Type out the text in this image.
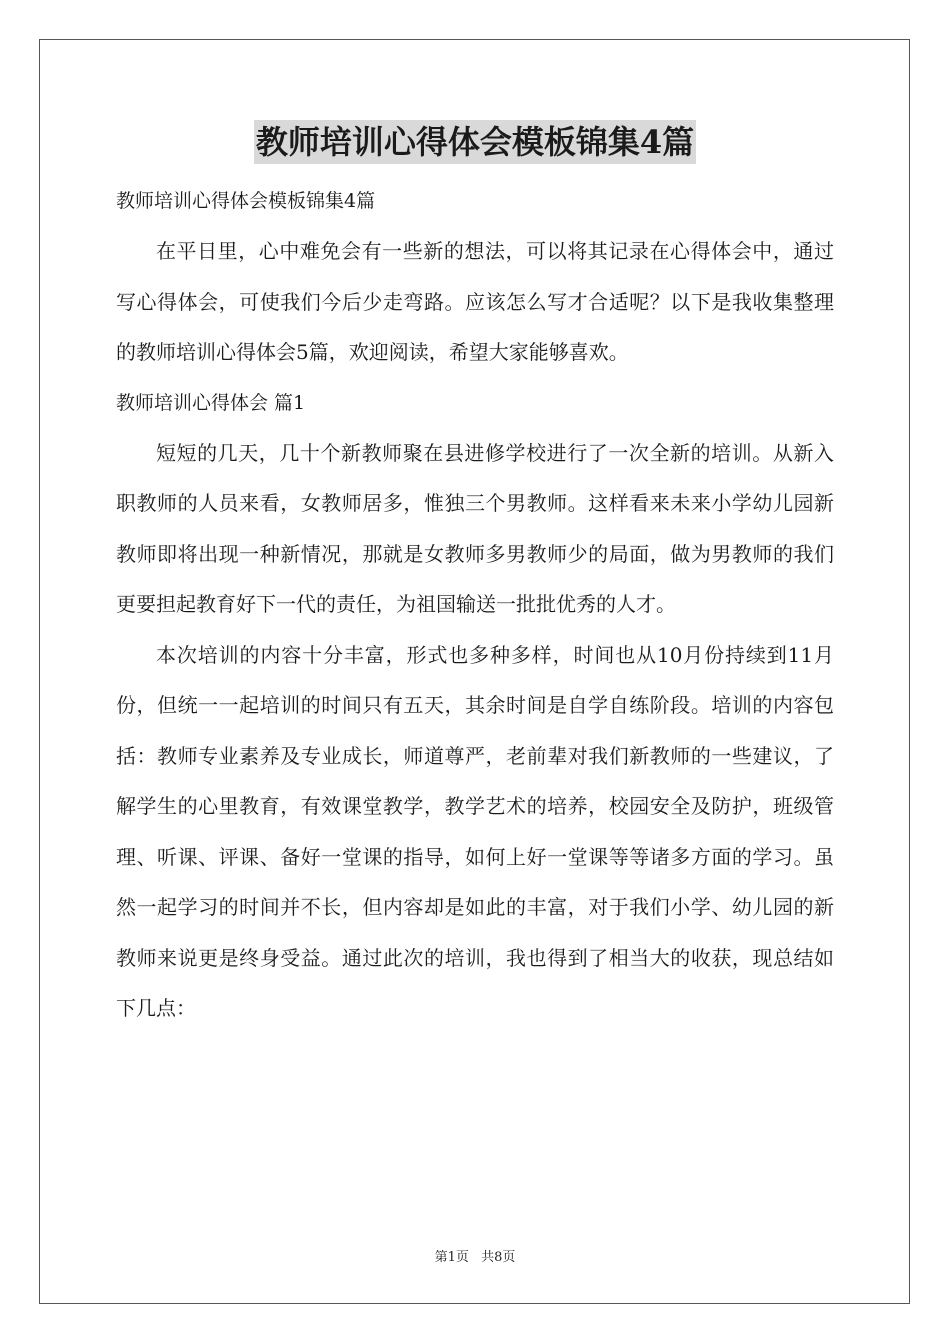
教师培训心得体会模板锦集4篇
教师培训心得体会模板锦集4篇

在平日里，心中难免会有一些新的想法，可以将其记录在心得体会中，通过写心得体会，可使我们今后少走弯路。应该怎么写才合适呢？以下是我收集整理的教师培训心得体会5篇，欢迎阅读，希望大家能够喜欢。

教师培训心得体会 篇1

短短的几天，几十个新教师聚在县进修学校进行了一次全新的培训。从新入职教师的人员来看，女教师居多，惟独三个男教师。这样看来未来小学幼儿园新教师即将出现一种新情况，那就是女教师多男教师少的局面，做为男教师的我们更要担起教育好下一代的责任，为祖国输送一批批优秀的人才。

本次培训的内容十分丰富，形式也多种多样，时间也从10月份持续到11月份，但统一一起培训的时间只有五天，其余时间是自学自练阶段。培训的内容包括：教师专业素养及专业成长，师道尊严，老前辈对我们新教师的一些建议，了解学生的心里教育，有效课堂教学，教学艺术的培养，校园安全及防护，班级管理、听课、评课、备好一堂课的指导，如何上好一堂课等等诸多方面的学习。虽然一起学习的时间并不长，但内容却是如此的丰富，对于我们小学、幼儿园的新教师来说更是终身受益。通过此次的培训，我也得到了相当大的收获，现总结如下几点：

第1页 共8页
